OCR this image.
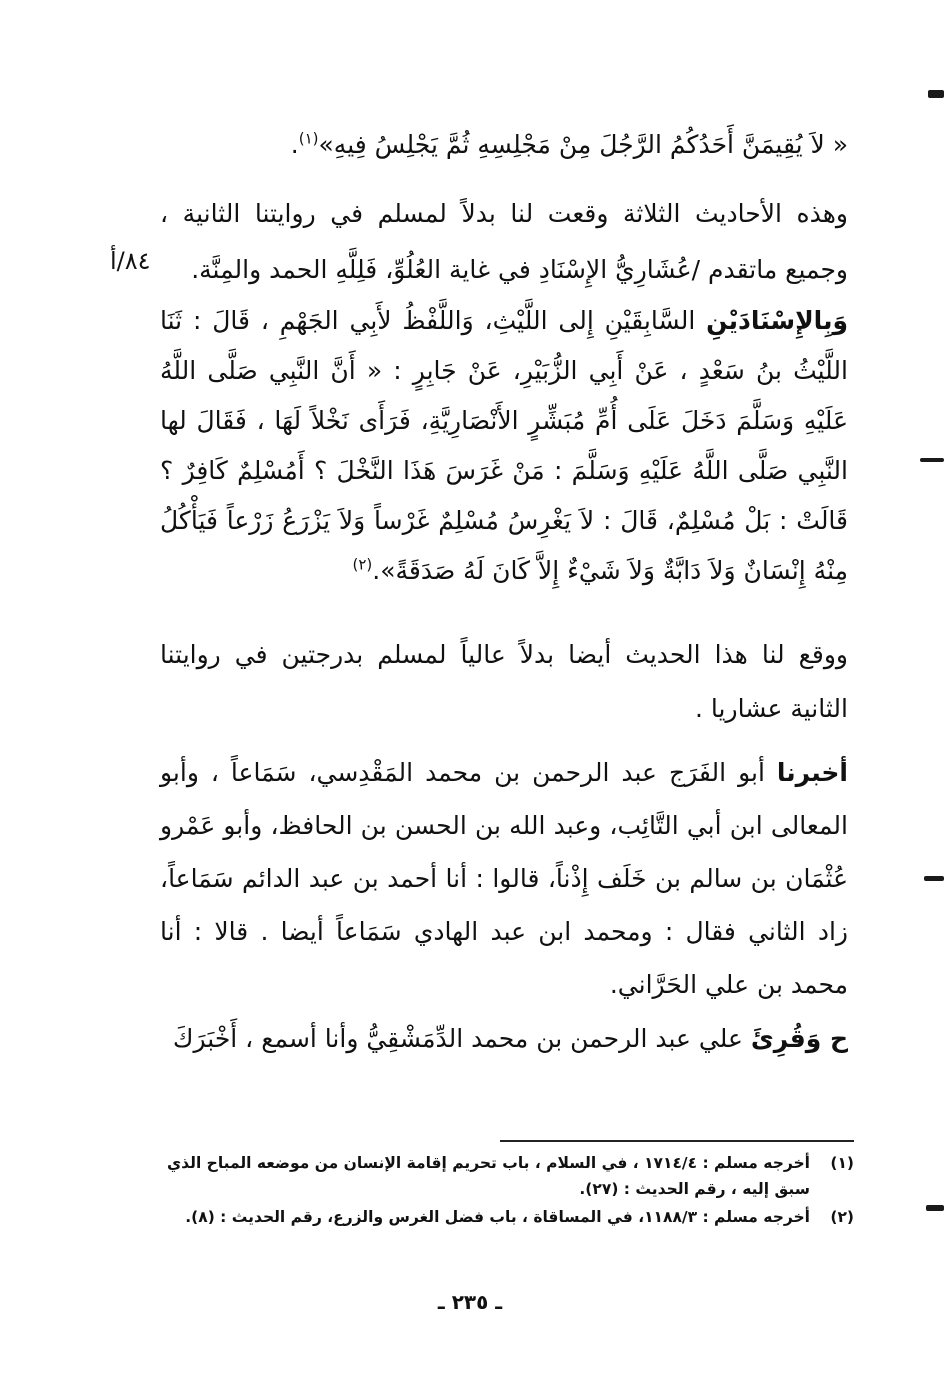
« لاَ يُقِيمَنَّ أَحَدُكُمُ الرَّجُلَ مِنْ مَجْلِسِهِ ثُمَّ يَجْلِسُ فِيهِ»$^{(١)}$.
وهذه الأحاديث الثلاثة وقعت لنا بدلاً لمسلم في روايتنا الثانية ، وجميع ماتقدم /عُشَارِيُّ الإِسْنَادِ في غاية العُلُوِّ، فَلِلَّهِ الحمد والمِنَّة.
٨٤/أ
وَبِالإِسْنَادَيْنِ السَّابِقَيْنِ إِلى اللَّيْثِ، وَاللَّفْظُ لأَبِي الجَهْمِ ، قَالَ : ثَنَا اللَّيْثُ بنُ سَعْدٍ ، عَنْ أَبِي الزُّبَيْرِ، عَنْ جَابِرٍ : « أَنَّ النَّبِي صَلَّى اللَّهُ عَلَيْهِ وَسَلَّمَ دَخَلَ عَلَى أُمِّ مُبَشِّرٍ الأَنْصَارِيَّةِ، فَرَأَى نَخْلاً لَهَا ، فَقَالَ لها النَّبِي صَلَّى اللَّهُ عَلَيْهِ وَسَلَّمَ : مَنْ غَرَسَ هَذَا النَّخْلَ ؟ أَمُسْلِمٌ كَافِرٌ ؟ قَالَتْ : بَلْ مُسْلِمٌ، قَالَ : لاَ يَغْرِسُ مُسْلِمٌ غَرْساً وَلاَ يَزْرَعُ زَرْعاً فَيَأْكُلُ مِنْهُ إِنْسَانٌ وَلاَ دَابَّةٌ وَلاَ شَيْءٌ إِلاَّ كَانَ لَهُ صَدَقَةً».$^{(٢)}$
ووقع لنا هذا الحديث أيضا بدلاً عالياً لمسلم بدرجتين في روايتنا الثانية عشاريا .
أخبرنا أبو الفَرَج عبد الرحمن بن محمد المَقْدِسي، سَمَاعاً ، وأبو المعالى ابن أبي التَّائِب، وعبد الله بن الحسن بن الحافظ، وأبو عَمْرو عُثْمَان بن سالم بن خَلَف إِذْناً، قالوا : أنا أحمد بن عبد الدائم سَمَاعاً، زاد الثاني فقال : ومحمد ابن عبد الهادي سَمَاعاً أيضا . قالا : أنا محمد بن علي الحَرَّاني.
ح وَقُرِئَ علي عبد الرحمن بن محمد الدِّمَشْقِيُّ وأنا أسمع ، أَخْبَرَكَ
(١)
أخرجه مسلم : ١٧١٤/٤ ، في السلام ، باب تحريم إقامة الإنسان من موضعه المباح الذي سبق إليه ، رقم الحديث : (٢٧).
(٢)
أخرجه مسلم : ١١٨٨/٣، في المساقاة ، باب فضل الغرس والزرع، رقم الحديث : (٨).
ـ ٢٣٥ ـ
